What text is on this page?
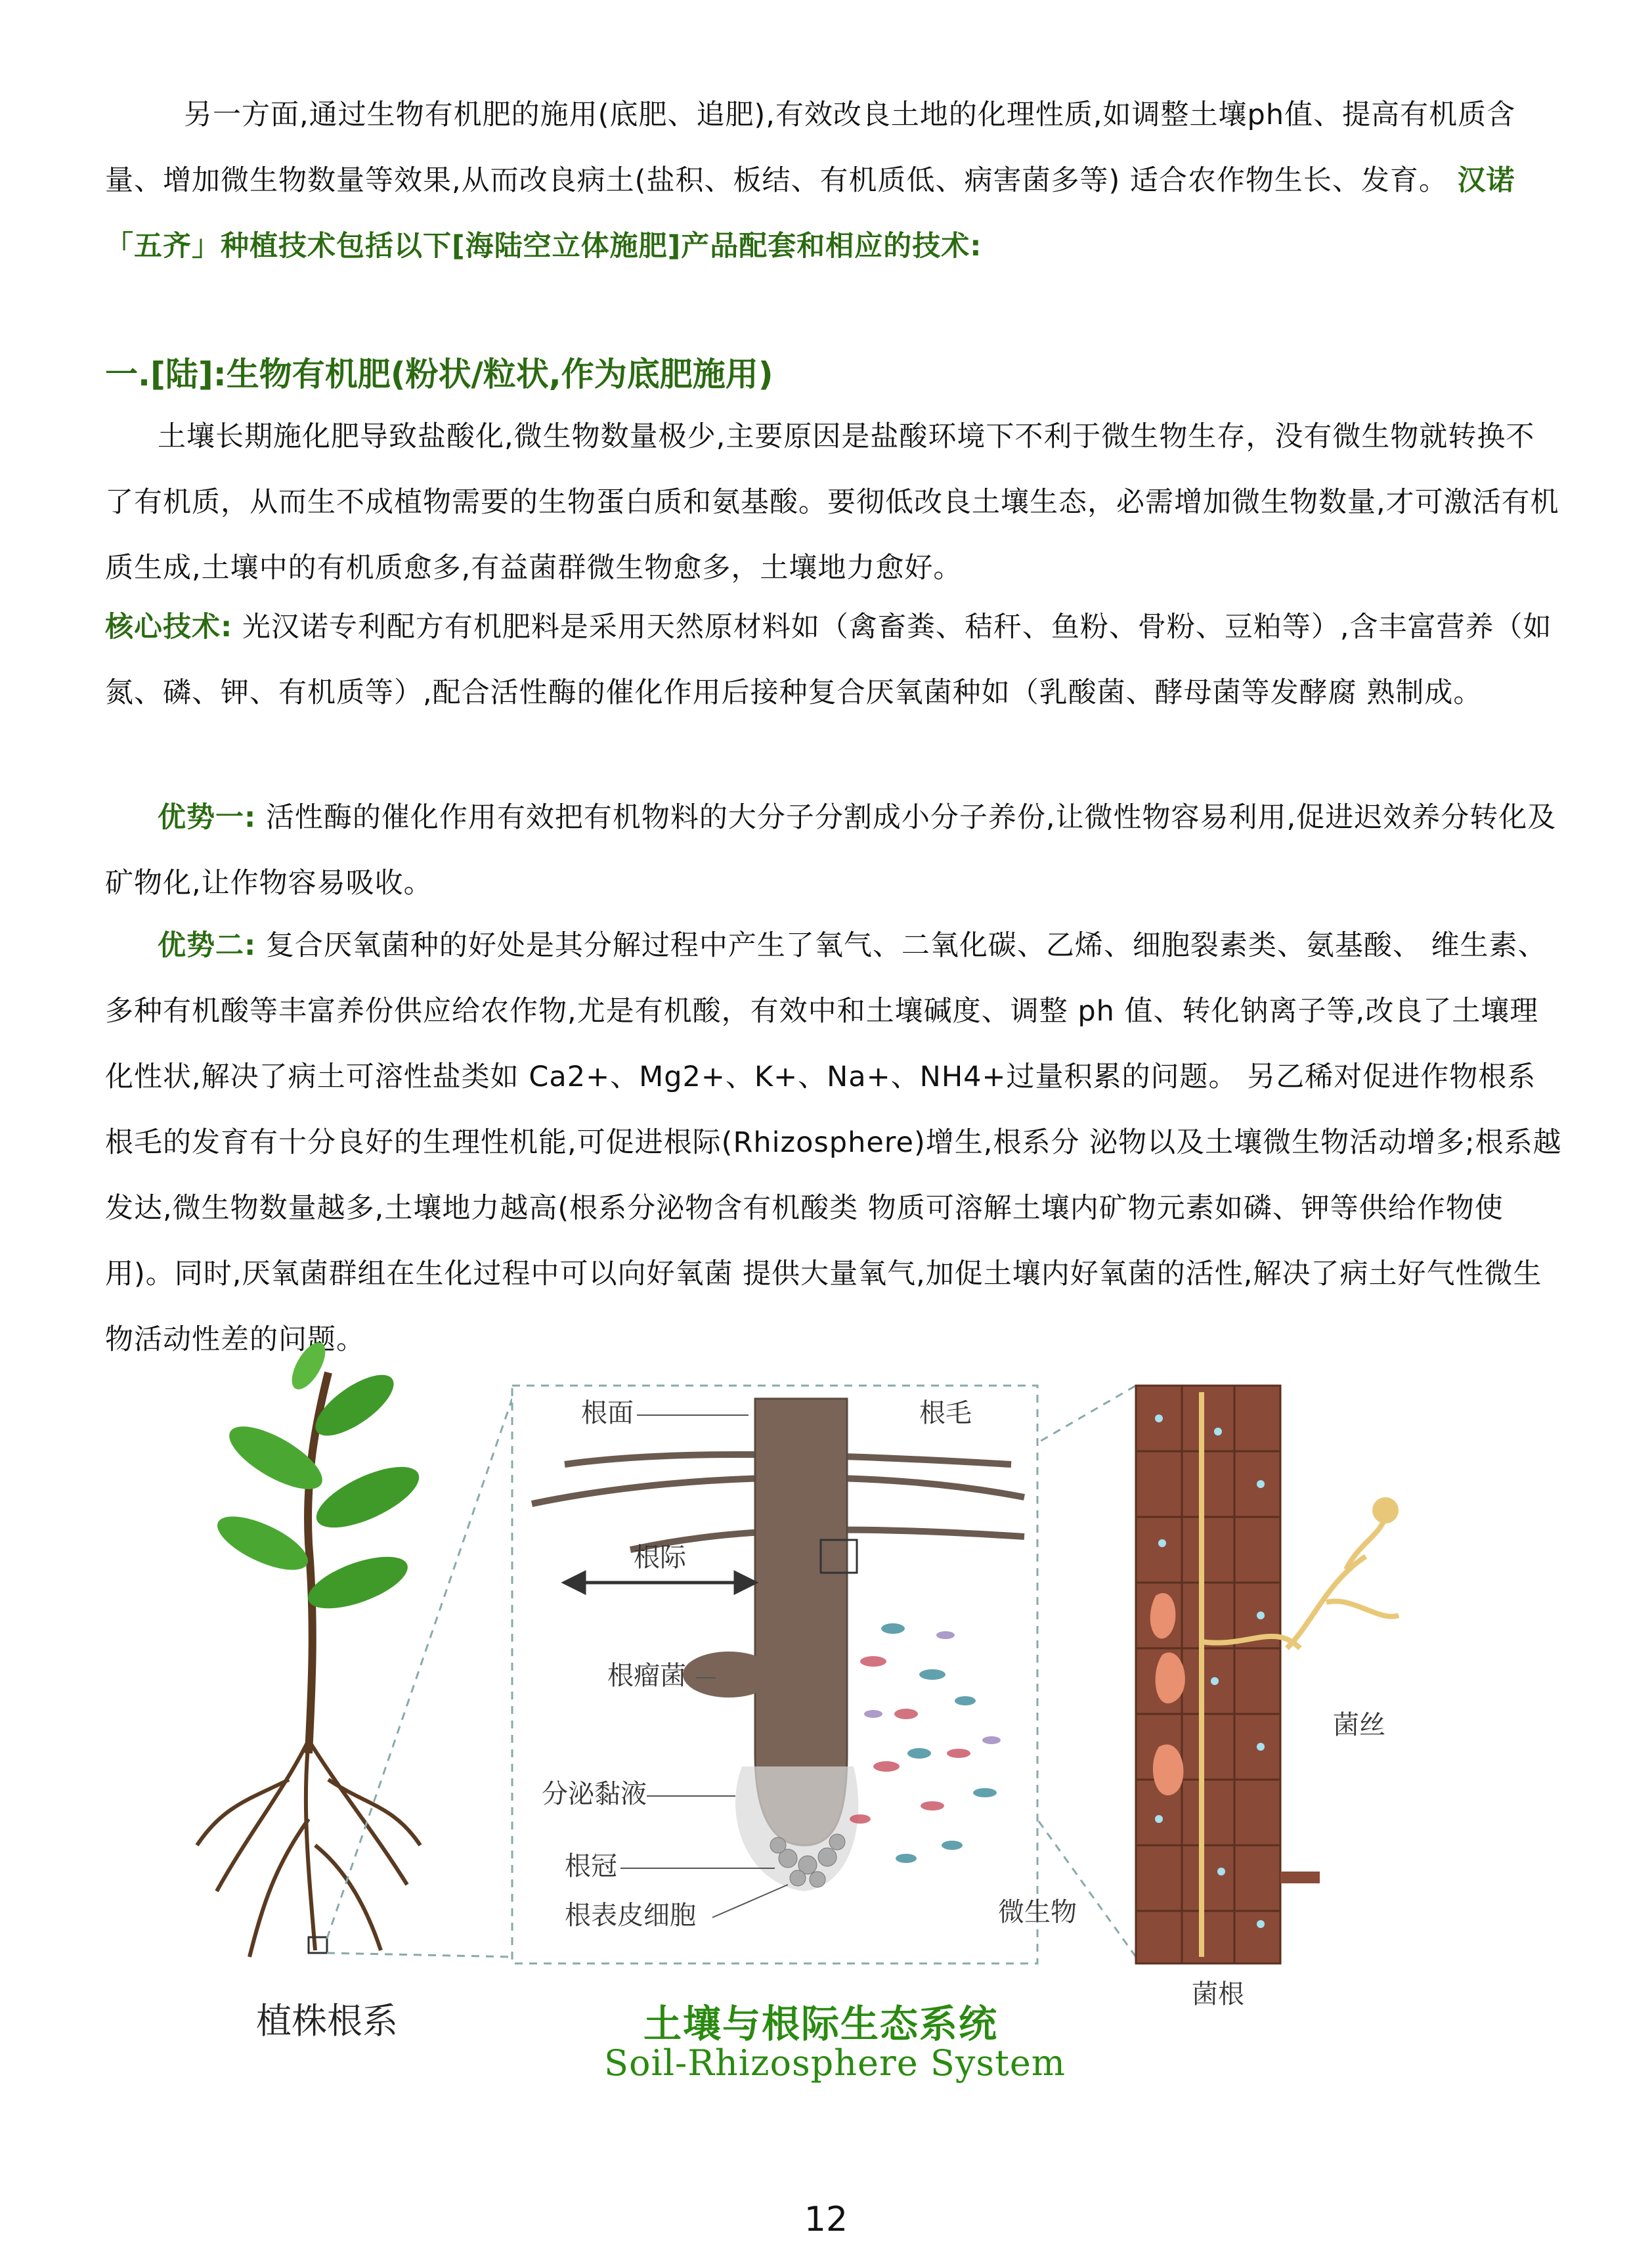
另一方面,通过生物有机肥的施用(底肥、追肥),有效改良土地的化理性质,如调整土壤ph值、提高有机质含量、增加微生物数量等效果,从而改良病土(盐积、板结、有机质低、病害菌多等) 适合农作物生长、发育。 汉诺「五齐」种植技术包括以下[海陆空立体施肥]产品配套和相应的技术:

一.[陆]:生物有机肥(粉状/粒状,作为底肥施用)

土壤长期施化肥导致盐酸化,微生物数量极少,主要原因是盐酸环境下不利于微生物生存，没有微生物就转换不了有机质，从而生不成植物需要的生物蛋白质和氨基酸。要彻低改良土壤生态，必需增加微生物数量,才可激活有机质生成,土壤中的有机质愈多,有益菌群微生物愈多，土壤地力愈好。

核心技术: 光汉诺专利配方有机肥料是采用天然原材料如（禽畜粪、秸秆、鱼粉、骨粉、豆粕等）,含丰富营养（如氮、磷、钾、有机质等）,配合活性酶的催化作用后接种复合厌氧菌种如（乳酸菌、酵母菌等发酵腐 熟制成。

优势一: 活性酶的催化作用有效把有机物料的大分子分割成小分子养份,让微性物容易利用,促进迟效养分转化及矿物化,让作物容易吸收。

优势二: 复合厌氧菌种的好处是其分解过程中产生了氧气、二氧化碳、乙烯、细胞裂素类、氨基酸、 维生素、多种有机酸等丰富养份供应给农作物,尤是有机酸，有效中和土壤碱度、调整 ph 值、转化钠离子等,改良了土壤理化性状,解决了病土可溶性盐类如 Ca2+、Mg2+、K+、Na+、NH4+过量积累的问题。 另乙稀对促进作物根系根毛的发育有十分良好的生理性机能,可促进根际(Rhizosphere)增生,根系分 泌物以及土壤微生物活动增多;根系越发达,微生物数量越多,土壤地力越高(根系分泌物含有机酸类 物质可溶解土壤内矿物元素如磷、钾等供给作物使用)。同时,厌氧菌群组在生化过程中可以向好氧菌 提供大量氧气,加促土壤内好氧菌的活性,解决了病土好气性微生物活动性差的问题。

根面	根毛
根际
根瘤菌
分泌黏液
根冠
根表皮细胞	微生物
菌丝
菌根
植株根系	土壤与根际生态系统
Soil-Rhizosphere System
12
